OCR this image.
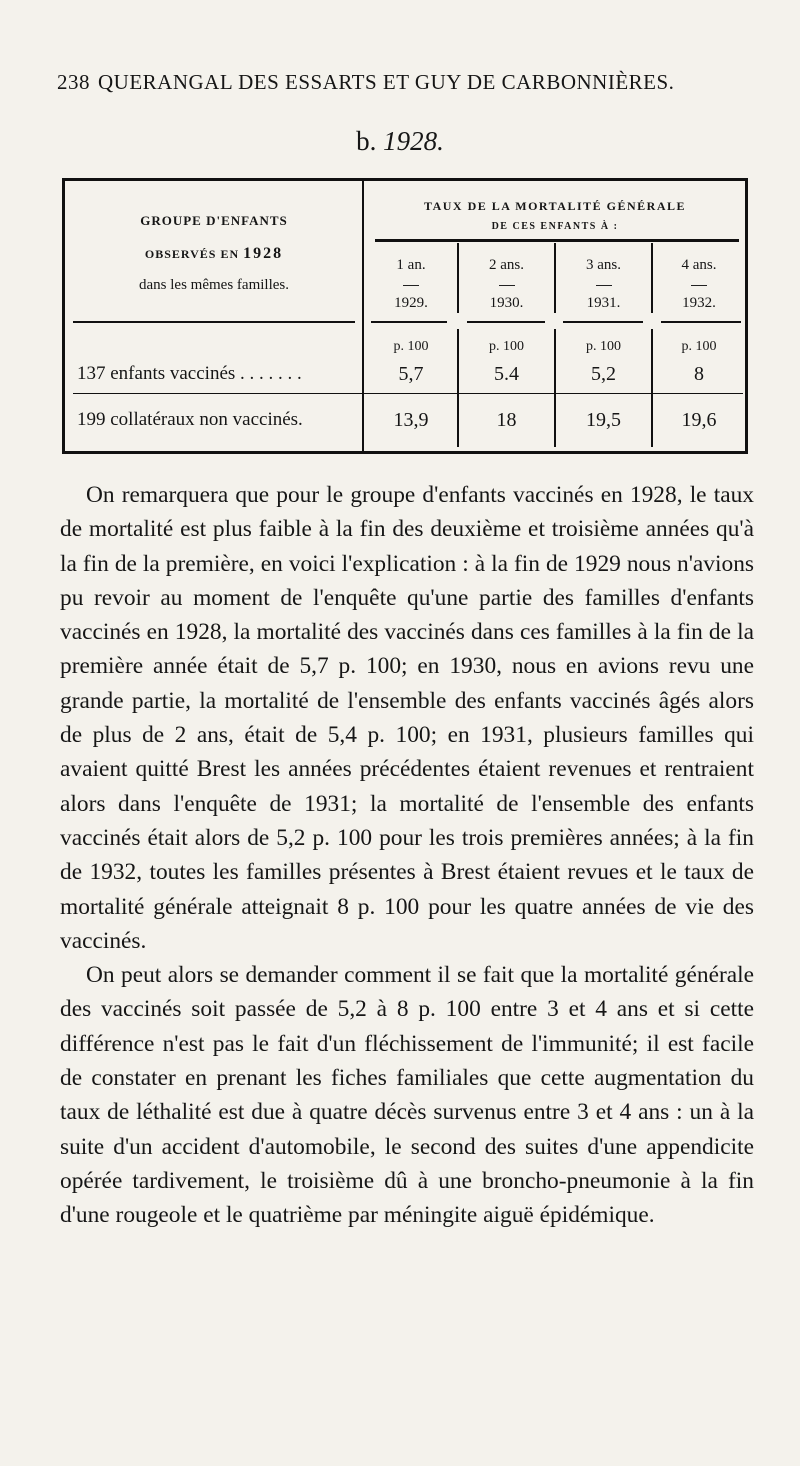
238 QUERANGAL DES ESSARTS ET GUY DE CARBONNIÈRES.
b. 1928.
GROUPE D'ENFANTS
OBSERVÉS EN 1928
dans les mêmes familles.
TAUX DE LA MORTALITÉ GÉNÉRALE
DE CES ENFANTS À :
1 an.	2 ans.	3 ans.	4 ans.
1929.	1930.	1931.	1932.
p. 100	p. 100	p. 100	p. 100
137 enfants vaccinés . . . . . . .	5,7	5.4	5,2	8
199 collatéraux non vaccinés.	13,9	18	19,5	19,6

On remarquera que pour le groupe d'enfants vaccinés en 1928, le taux de mortalité est plus faible à la fin des deuxième et troisième années qu'à la fin de la première, en voici l'explication : à la fin de 1929 nous n'avions pu revoir au moment de l'enquête qu'une partie des familles d'enfants vaccinés en 1928, la mortalité des vaccinés dans ces familles à la fin de la première année était de 5,7 p. 100; en 1930, nous en avions revu une grande partie, la mortalité de l'ensemble des enfants vaccinés âgés alors de plus de 2 ans, était de 5,4 p. 100; en 1931, plusieurs familles qui avaient quitté Brest les années précédentes étaient revenues et rentraient alors dans l'enquête de 1931; la mortalité de l'ensemble des enfants vaccinés était alors de 5,2 p. 100 pour les trois premières années; à la fin de 1932, toutes les familles présentes à Brest étaient revues et le taux de mortalité générale atteignait 8 p. 100 pour les quatre années de vie des vaccinés.

On peut alors se demander comment il se fait que la mortalité générale des vaccinés soit passée de 5,2 à 8 p. 100 entre 3 et 4 ans et si cette différence n'est pas le fait d'un fléchissement de l'immunité; il est facile de constater en prenant les fiches familiales que cette augmentation du taux de léthalité est due à quatre décès survenus entre 3 et 4 ans : un à la suite d'un accident d'automobile, le second des suites d'une appendicite opérée tardivement, le troisième dû à une broncho-pneumonie à la fin d'une rougeole et le quatrième par méningite aiguë épidémique.
